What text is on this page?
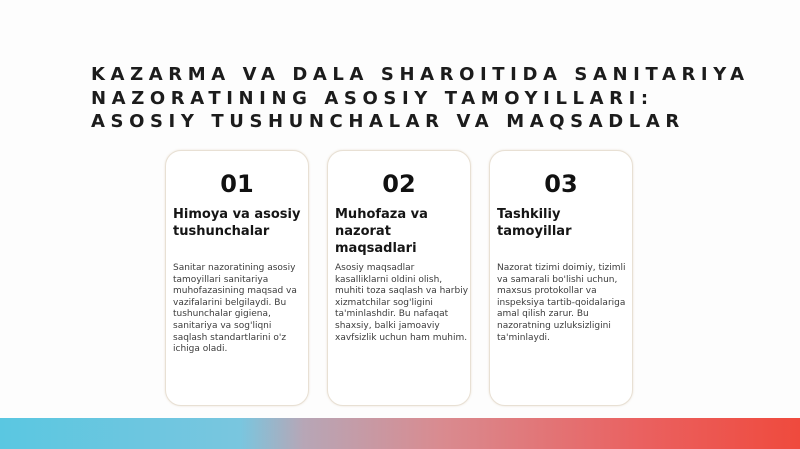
KAZARMA VA DALA SHAROITIDA SANITARIYA
NAZORATINING ASOSIY TAMOYILLARI:
ASOSIY TUSHUNCHALAR VA MAQSADLAR
01
Himoya va asosiy tushunchalar

Sanitar nazoratining asosiy tamoyillari sanitariya muhofazasining maqsad va vazifalarini belgilaydi. Bu tushunchalar gigiena, sanitariya va sog'liqni saqlash standartlarini o'z ichiga oladi.

02
Muhofaza va nazorat maqsadlari

Asosiy maqsadlar kasalliklarni oldini olish, muhiti toza saqlash va harbiy xizmatchilar sog'ligini ta'minlashdir. Bu nafaqat shaxsiy, balki jamoaviy xavfsizlik uchun ham muhim.

03
Tashkiliy tamoyillar

Nazorat tizimi doimiy, tizimli va samarali bo'lishi uchun, maxsus protokollar va inspeksiya tartib-qoidalariga amal qilish zarur. Bu nazoratning uzluksizligini ta'minlaydi.
